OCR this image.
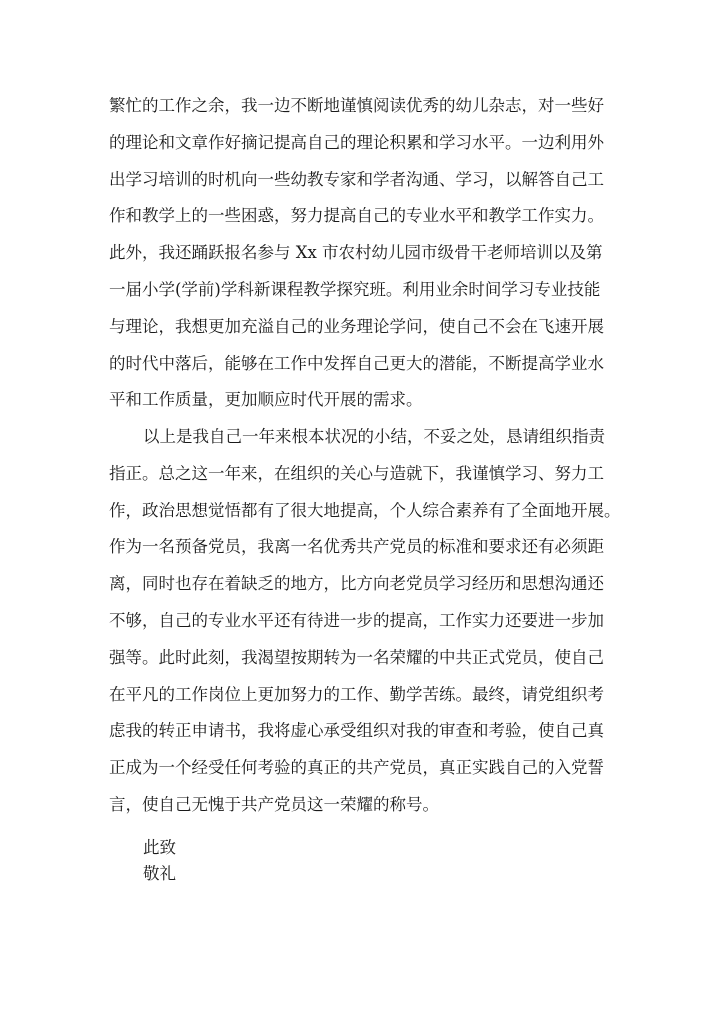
繁忙的工作之余，我一边不断地谨慎阅读优秀的幼儿杂志，对一些好
的理论和文章作好摘记提高自己的理论积累和学习水平。一边利用外
出学习培训的时机向一些幼教专家和学者沟通、学习，以解答自己工
作和教学上的一些困惑，努力提高自己的专业水平和教学工作实力。
此外，我还踊跃报名参与 Xx 市农村幼儿园市级骨干老师培训以及第
一届小学(学前)学科新课程教学探究班。利用业余时间学习专业技能
与理论，我想更加充溢自己的业务理论学问，使自己不会在飞速开展
的时代中落后，能够在工作中发挥自己更大的潜能，不断提高学业水
平和工作质量，更加顺应时代开展的需求。
以上是我自己一年来根本状况的小结，不妥之处，恳请组织指责
指正。总之这一年来，在组织的关心与造就下，我谨慎学习、努力工
作，政治思想觉悟都有了很大地提高，个人综合素养有了全面地开展。
作为一名预备党员，我离一名优秀共产党员的标准和要求还有必须距
离，同时也存在着缺乏的地方，比方向老党员学习经历和思想沟通还
不够，自己的专业水平还有待进一步的提高，工作实力还要进一步加
强等。此时此刻，我渴望按期转为一名荣耀的中共正式党员，使自己
在平凡的工作岗位上更加努力的工作、勤学苦练。最终，请党组织考
虑我的转正申请书，我将虚心承受组织对我的审查和考验，使自己真
正成为一个经受任何考验的真正的共产党员，真正实践自己的入党誓
言，使自己无愧于共产党员这一荣耀的称号。
此致
敬礼
